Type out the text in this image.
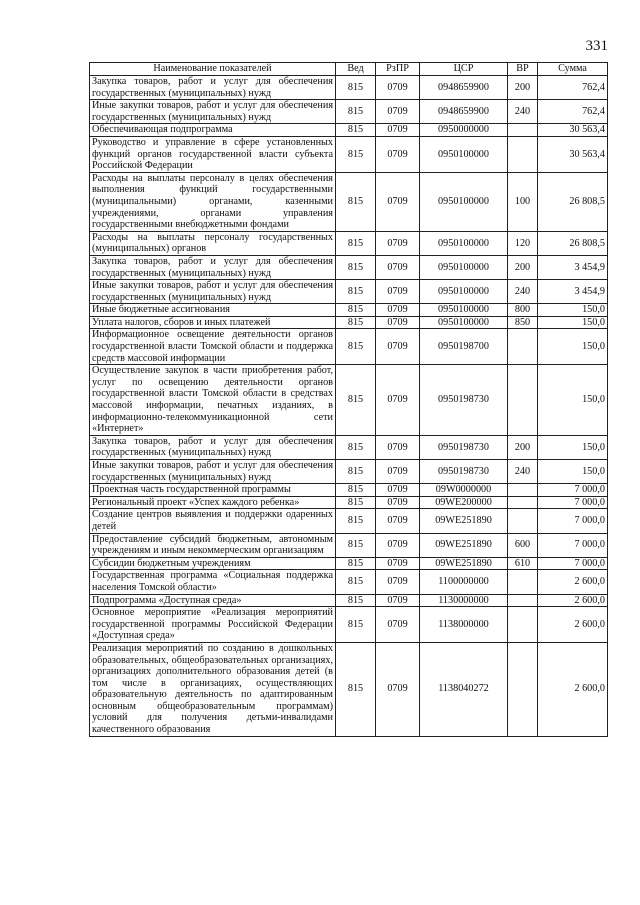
331
Наименование показателей	Вед	РзПР	ЦСР	ВР	Сумма
Закупка товаров, работ и услуг для обеспечения государственных (муниципальных) нужд	815	0709	0948659900	200	762,4
Иные закупки товаров, работ и услуг для обеспечения государственных (муниципальных) нужд	815	0709	0948659900	240	762,4
Обеспечивающая подпрограмма	815	0709	0950000000		30 563,4
Руководство и управление в сфере установленных функций органов государственной власти субъекта Российской Федерации	815	0709	0950100000		30 563,4
Расходы на выплаты персоналу в целях обеспечения выполнения функций государственными (муниципальными) органами, казенными учреждениями, органами управления государственными внебюджетными фондами	815	0709	0950100000	100	26 808,5
Расходы на выплаты персоналу государственных (муниципальных) органов	815	0709	0950100000	120	26 808,5
Закупка товаров, работ и услуг для обеспечения государственных (муниципальных) нужд	815	0709	0950100000	200	3 454,9
Иные закупки товаров, работ и услуг для обеспечения государственных (муниципальных) нужд	815	0709	0950100000	240	3 454,9
Иные бюджетные ассигнования	815	0709	0950100000	800	150,0
Уплата налогов, сборов и иных платежей	815	0709	0950100000	850	150,0
Информационное освещение деятельности органов государственной власти Томской области и поддержка средств массовой информации	815	0709	0950198700		150,0
Осуществление закупок в части приобретения работ, услуг по освещению деятельности органов государственной власти Томской области в средствах массовой информации, печатных изданиях, в информационно-телекоммуникационной сети «Интернет»	815	0709	0950198730		150,0
Закупка товаров, работ и услуг для обеспечения государственных (муниципальных) нужд	815	0709	0950198730	200	150,0
Иные закупки товаров, работ и услуг для обеспечения государственных (муниципальных) нужд	815	0709	0950198730	240	150,0
Проектная часть государственной программы	815	0709	09W0000000		7 000,0
Региональный проект «Успех каждого ребенка»	815	0709	09WE200000		7 000,0
Создание центров выявления и поддержки одаренных детей	815	0709	09WE251890		7 000,0
Предоставление субсидий бюджетным, автономным учреждениям и иным некоммерческим организациям	815	0709	09WE251890	600	7 000,0
Субсидии бюджетным учреждениям	815	0709	09WE251890	610	7 000,0
Государственная программа «Социальная поддержка населения Томской области»	815	0709	1100000000		2 600,0
Подпрограмма «Доступная среда»	815	0709	1130000000		2 600,0
Основное мероприятие «Реализация мероприятий государственной программы Российской Федерации «Доступная среда»	815	0709	1138000000		2 600,0
Реализация мероприятий по созданию в дошкольных образовательных, общеобразовательных организациях, организациях дополнительного образования детей (в том числе в организациях, осуществляющих образовательную деятельность по адаптированным основным общеобразовательным программам) условий для получения детьми-инвалидами качественного образования	815	0709	1138040272		2 600,0
